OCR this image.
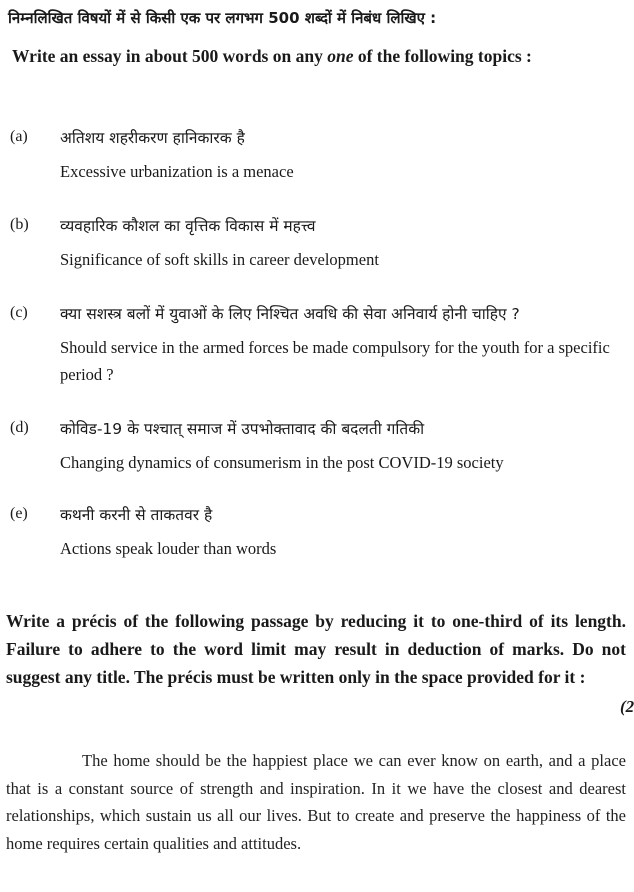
निम्नलिखित विषयों में से किसी एक पर लगभग 500 शब्दों में निबंध लिखिए :
Write an essay in about 500 words on any one of the following topics :
(a) अतिशय शहरीकरण हानिकारक है
Excessive urbanization is a menace
(b) व्यवहारिक कौशल का वृत्तिक विकास में महत्त्व
Significance of soft skills in career development
(c) क्या सशस्त्र बलों में युवाओं के लिए निश्चित अवधि की सेवा अनिवार्य होनी चाहिए ?
Should service in the armed forces be made compulsory for the youth for a specific period ?
(d) कोविड-19 के पश्चात् समाज में उपभोक्तावाद की बदलती गतिकी
Changing dynamics of consumerism in the post COVID-19 society
(e) कथनी करनी से ताकतवर है
Actions speak louder than words
Write a précis of the following passage by reducing it to one-third of its length. Failure to adhere to the word limit may result in deduction of marks. Do not suggest any title. The précis must be written only in the space provided for it :
(2
The home should be the happiest place we can ever know on earth, and a place that is a constant source of strength and inspiration. In it we have the closest and dearest relationships, which sustain us all our lives. But to create and preserve the happiness of the home requires certain qualities and attitudes.
